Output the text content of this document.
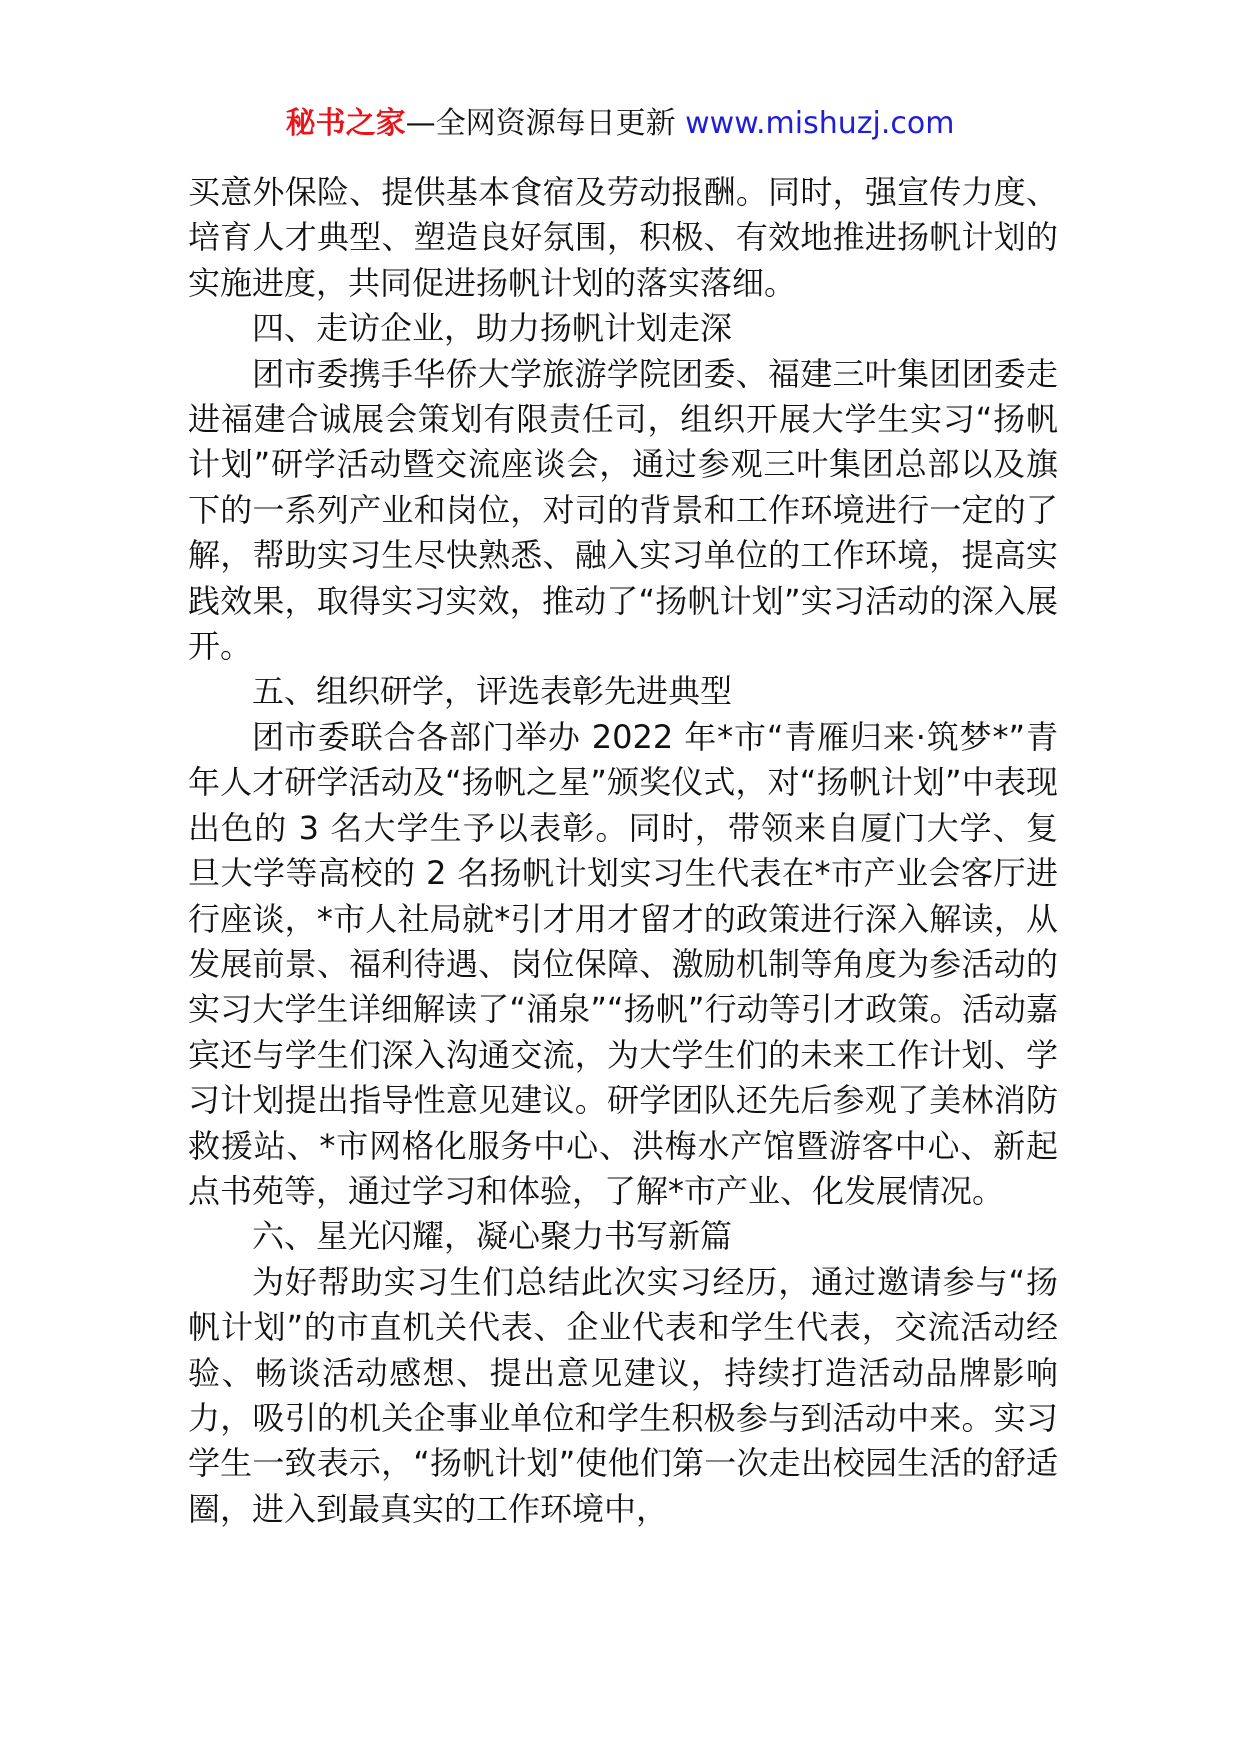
秘书之家—全网资源每日更新 www.mishuzj.com

买意外保险、提供基本食宿及劳动报酬。同时，强宣传力度、培育人才典型、塑造良好氛围，积极、有效地推进扬帆计划的实施进度，共同促进扬帆计划的落实落细。

四、走访企业，助力扬帆计划走深

团市委携手华侨大学旅游学院团委、福建三叶集团团委走进福建合诚展会策划有限责任司，组织开展大学生实习“扬帆计划”研学活动暨交流座谈会，通过参观三叶集团总部以及旗下的一系列产业和岗位，对司的背景和工作环境进行一定的了解，帮助实习生尽快熟悉、融入实习单位的工作环境，提高实践效果，取得实习实效，推动了“扬帆计划”实习活动的深入展开。

五、组织研学，评选表彰先进典型

团市委联合各部门举办 2022 年*市“青雁归来·筑梦*”青年人才研学活动及“扬帆之星”颁奖仪式，对“扬帆计划”中表现出色的 3 名大学生予以表彰。同时，带领来自厦门大学、复旦大学等高校的 2 名扬帆计划实习生代表在*市产业会客厅进行座谈，*市人社局就*引才用才留才的政策进行深入解读，从发展前景、福利待遇、岗位保障、激励机制等角度为参活动的实习大学生详细解读了“涌泉”“扬帆”行动等引才政策。活动嘉宾还与学生们深入沟通交流，为大学生们的未来工作计划、学习计划提出指导性意见建议。研学团队还先后参观了美林消防救援站、*市网格化服务中心、洪梅水产馆暨游客中心、新起点书苑等，通过学习和体验，了解*市产业、化发展情况。

六、星光闪耀，凝心聚力书写新篇

为好帮助实习生们总结此次实习经历，通过邀请参与“扬帆计划”的市直机关代表、企业代表和学生代表，交流活动经验、畅谈活动感想、提出意见建议，持续打造活动品牌影响力，吸引的机关企事业单位和学生积极参与到活动中来。实习学生一致表示，“扬帆计划”使他们第一次走出校园生活的舒适圈，进入到最真实的工作环境中，
